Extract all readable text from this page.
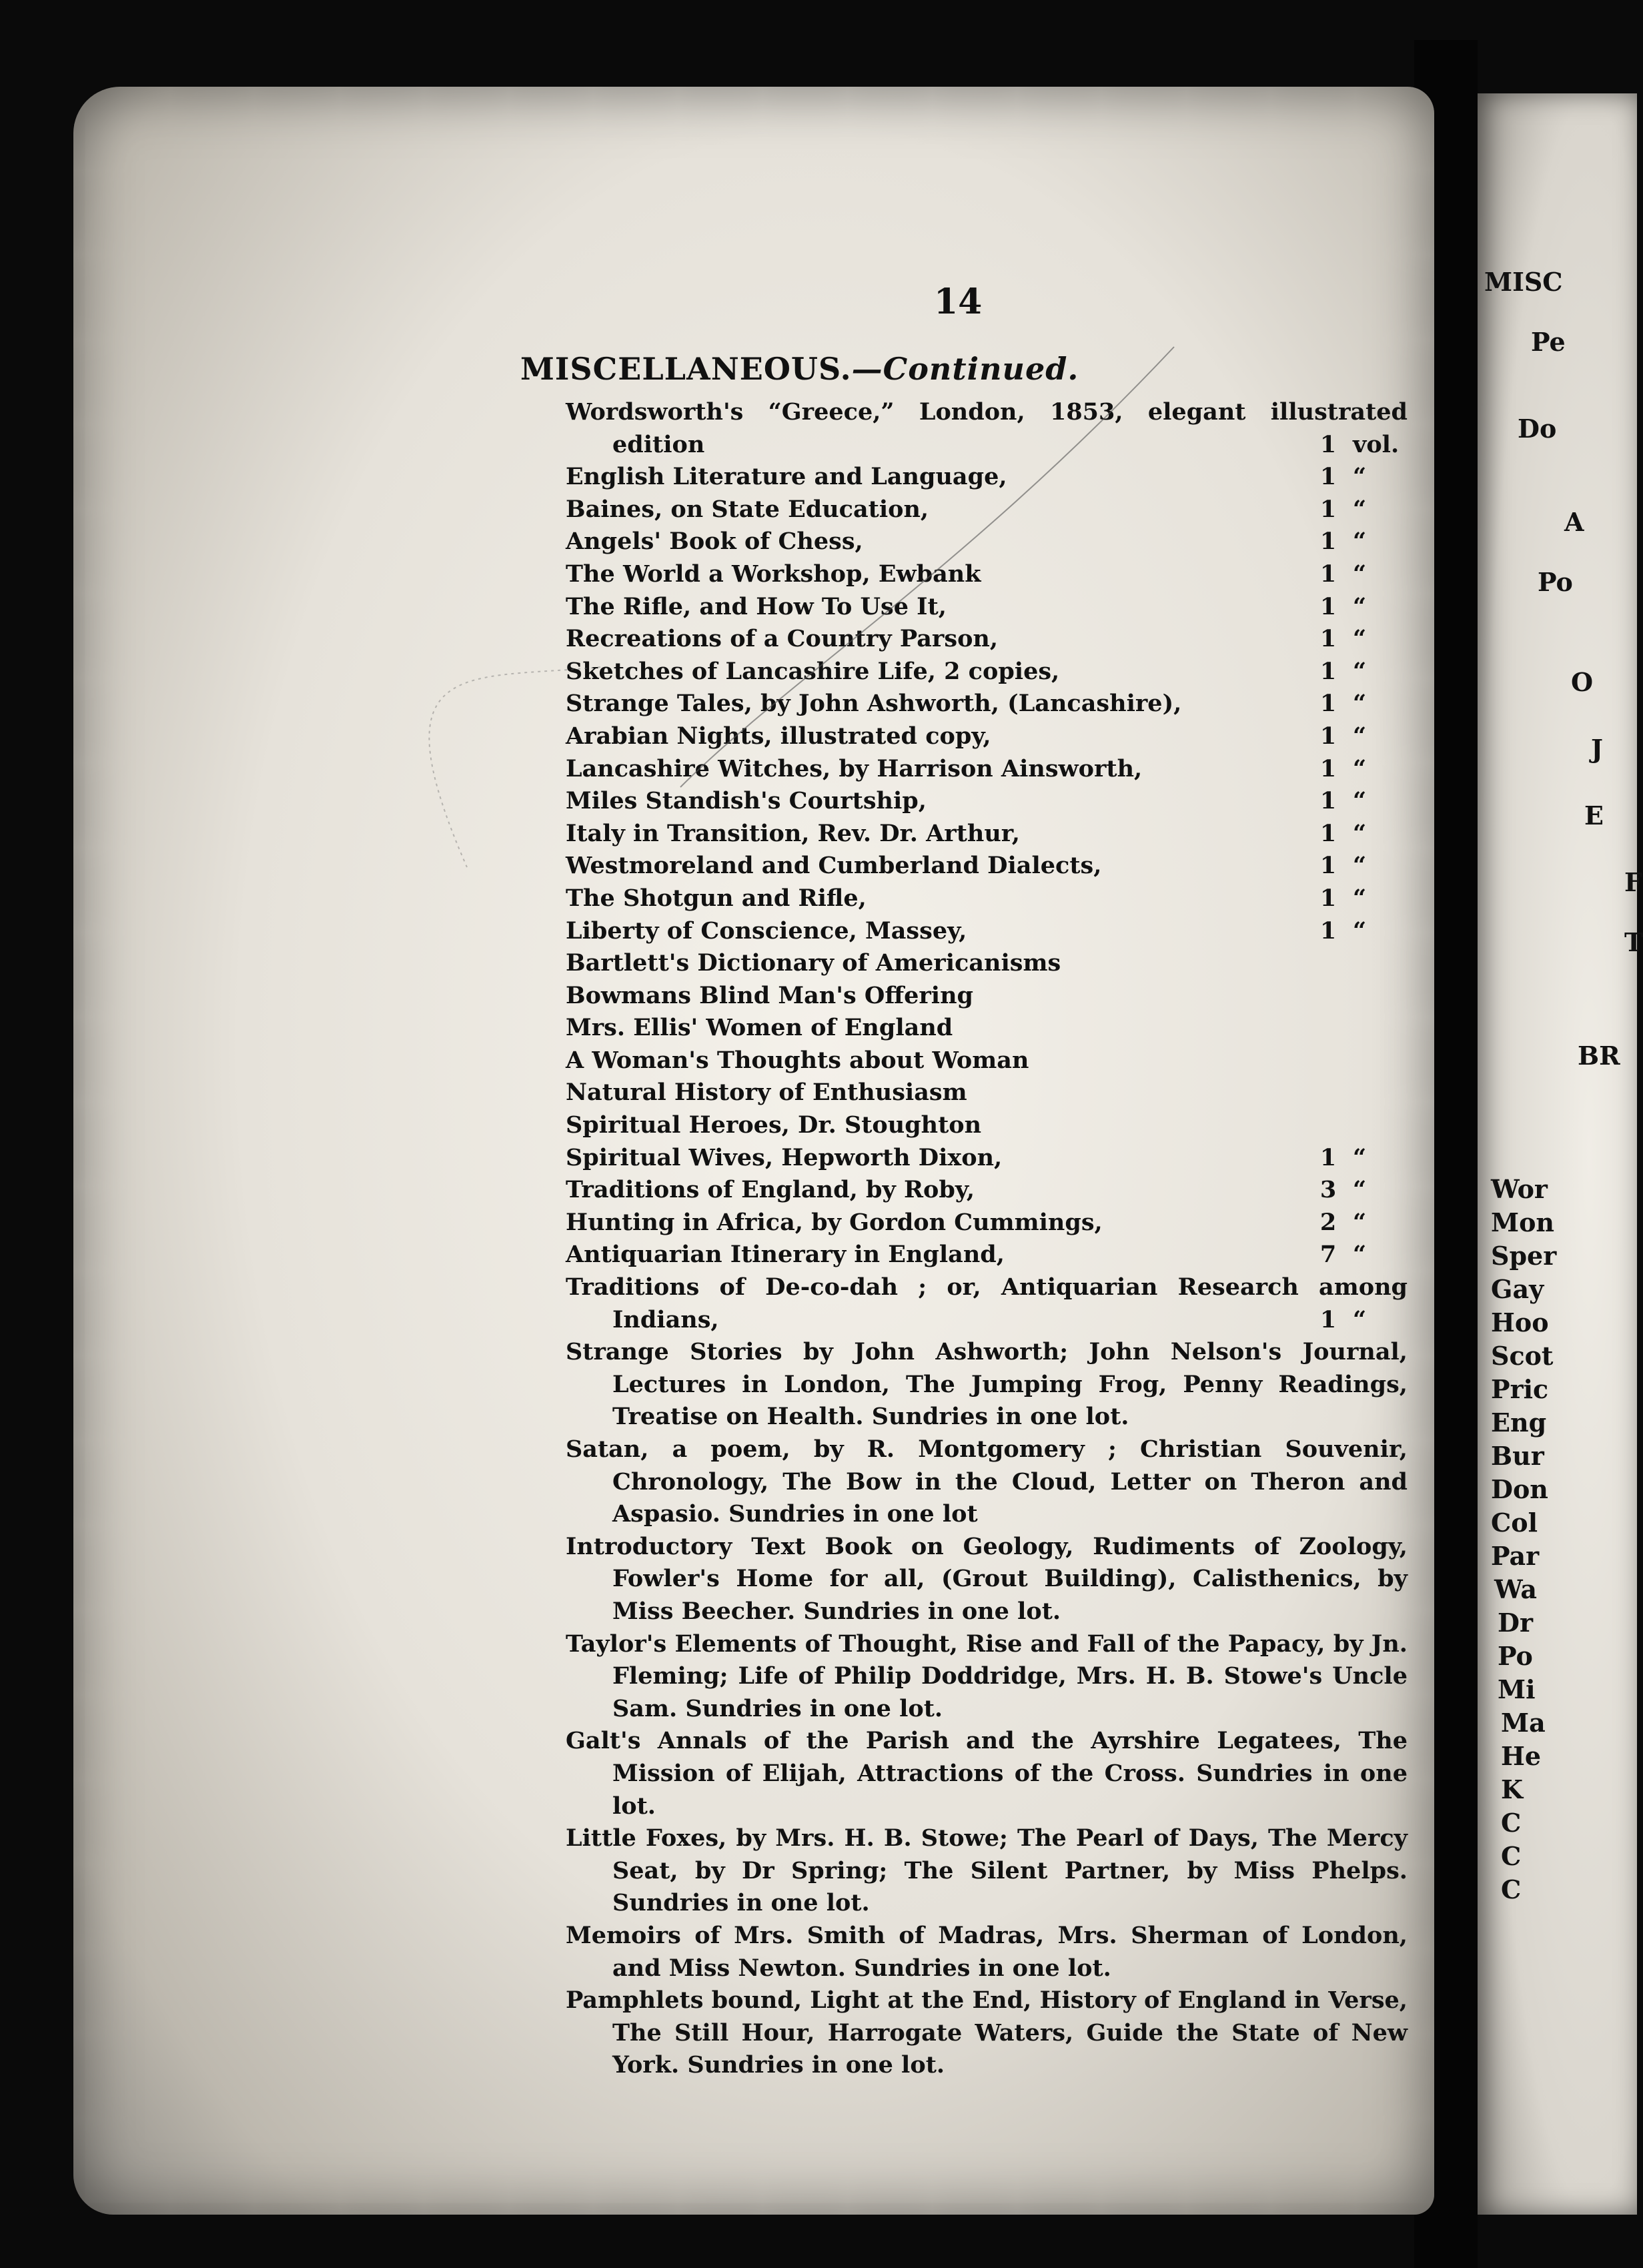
MISC
Pe
Do
A
Po
O
J
E
F
T
BR
Wor
Mon
Sper
Gay
Hoo
Scot
Pric
Eng
Bur
Don
Col
Par
Wa
Dr
Po
Mi
Ma
He
K
C
C
C
14
MISCELLANEOUS.—Continued.
Wordsworth's “Greece,” London, 1853, elegant illustrated edition	1 vol.
English Literature and Language,	1 “
Baines, on State Education,	1 “
Angels' Book of Chess,	1 “
The World a Workshop, Ewbank	1 “
The Rifle, and How To Use It,	1 “
Recreations of a Country Parson,	1 “
Sketches of Lancashire Life, 2 copies,	1 “
Strange Tales, by John Ashworth, (Lancashire),	1 “
Arabian Nights, illustrated copy,	1 “
Lancashire Witches, by Harrison Ainsworth,	1 “
Miles Standish's Courtship,	1 “
Italy in Transition, Rev. Dr. Arthur,	1 “
Westmoreland and Cumberland Dialects,	1 “
The Shotgun and Rifle,	1 “
Liberty of Conscience, Massey,	1 “
Bartlett's Dictionary of Americanisms
Bowmans Blind Man's Offering
Mrs. Ellis' Women of England
A Woman's Thoughts about Woman
Natural History of Enthusiasm
Spiritual Heroes, Dr. Stoughton
Spiritual Wives, Hepworth Dixon,	1 “
Traditions of England, by Roby,	3 “
Hunting in Africa, by Gordon Cummings,	2 “
Antiquarian Itinerary in England,	7 “
Traditions of De-co-dah ; or, Antiquarian Research among Indians,	1 “
Strange Stories by John Ashworth; John Nelson's Journal, Lectures in London, The Jumping Frog, Penny Readings, Treatise on Health. Sundries in one lot.
Satan, a poem, by R. Montgomery ; Christian Souvenir, Chronology, The Bow in the Cloud, Letter on Theron and Aspasio. Sundries in one lot
Introductory Text Book on Geology, Rudiments of Zoology, Fowler's Home for all, (Grout Building), Calisthenics, by Miss Beecher. Sundries in one lot.
Taylor's Elements of Thought, Rise and Fall of the Papacy, by Jn. Fleming; Life of Philip Doddridge, Mrs. H. B. Stowe's Uncle Sam. Sundries in one lot.
Galt's Annals of the Parish and the Ayrshire Legatees, The Mission of Elijah, Attractions of the Cross. Sundries in one lot.
Little Foxes, by Mrs. H. B. Stowe; The Pearl of Days, The Mercy Seat, by Dr Spring; The Silent Partner, by Miss Phelps. Sundries in one lot.
Memoirs of Mrs. Smith of Madras, Mrs. Sherman of London, and Miss Newton. Sundries in one lot.
Pamphlets bound, Light at the End, History of England in Verse, The Still Hour, Harrogate Waters, Guide the State of New York. Sundries in one lot.
